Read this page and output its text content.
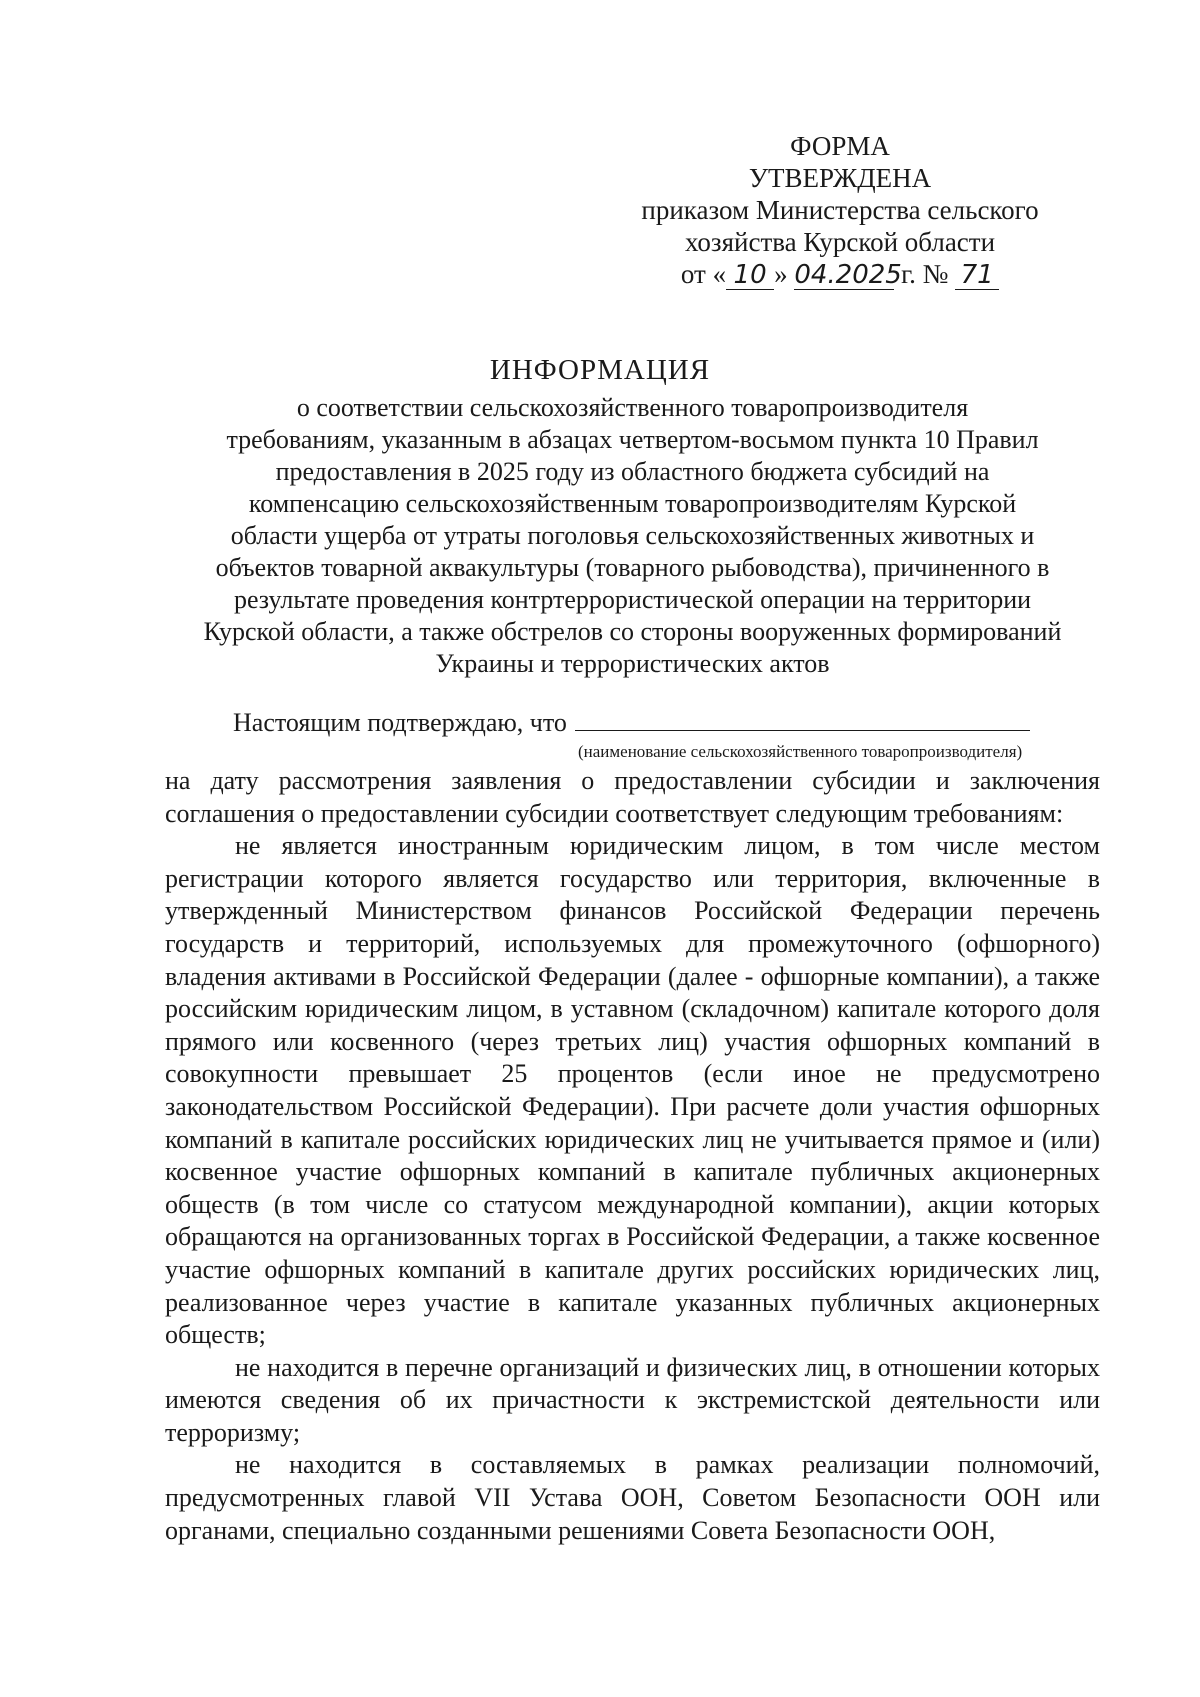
ФОРМА
УТВЕРЖДЕНА
приказом Министерства сельского
хозяйства Курской области
от « 10 » 04.2025 г. № 71
ИНФОРМАЦИЯ
о соответствии сельскохозяйственного товаропроизводителя
требованиям, указанным в абзацах четвертом-восьмом пункта 10 Правил
предоставления в 2025 году из областного бюджета субсидий на
компенсацию сельскохозяйственным товаропроизводителям Курской
области ущерба от утраты поголовья сельскохозяйственных животных и
объектов товарной аквакультуры (товарного рыбоводства), причиненного в
результате проведения контртеррористической операции на территории
Курской области, а также обстрелов со стороны вооруженных формирований
Украины и террористических актов
Настоящим подтверждаю, что
(наименование сельскохозяйственного товаропроизводителя)

на дату рассмотрения заявления о предоставлении субсидии и заключения соглашения о предоставлении субсидии соответствует следующим требованиям:

не является иностранным юридическим лицом, в том числе местом регистрации которого является государство или территория, включенные в утвержденный Министерством финансов Российской Федерации перечень государств и территорий, используемых для промежуточного (офшорного) владения активами в Российской Федерации (далее - офшорные компании), а также российским юридическим лицом, в уставном (складочном) капитале которого доля прямого или косвенного (через третьих лиц) участия офшорных компаний в совокупности превышает 25 процентов (если иное не предусмотрено законодательством Российской Федерации). При расчете доли участия офшорных компаний в капитале российских юридических лиц не учитывается прямое и (или) косвенное участие офшорных компаний в капитале публичных акционерных обществ (в том числе со статусом международной компании), акции которых обращаются на организованных торгах в Российской Федерации, а также косвенное участие офшорных компаний в капитале других российских юридических лиц, реализованное через участие в капитале указанных публичных акционерных обществ;

не находится в перечне организаций и физических лиц, в отношении которых имеются сведения об их причастности к экстремистской деятельности или терроризму;

не находится в составляемых в рамках реализации полномочий, предусмотренных главой VII Устава ООН, Советом Безопасности ООН или органами, специально созданными решениями Совета Безопасности ООН,
